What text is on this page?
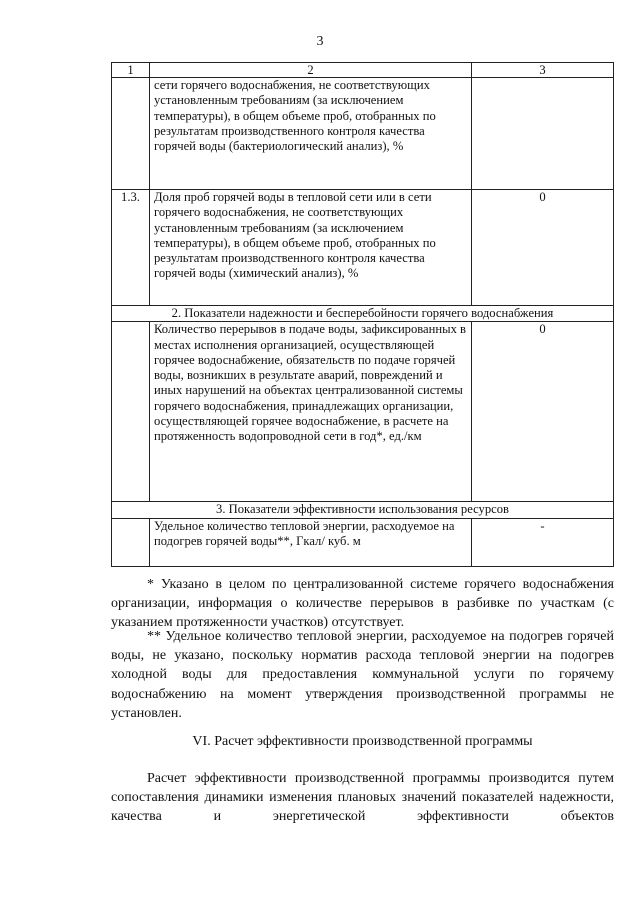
3
1	2	3
	сети горячего водоснабжения, не соответствующих установленным требованиям (за исключением температуры), в общем объеме проб, отобранных по результатам производственного контроля качества горячей воды (бактериологический анализ), %	
1.3.	Доля проб горячей воды в тепловой сети или в сети горячего водоснабжения, не соответствующих установленным требованиям (за исключением температуры), в общем объеме проб, отобранных по результатам производственного контроля качества горячей воды (химический анализ), %	0
2. Показатели надежности и бесперебойности горячего водоснабжения		
	Количество перерывов в подаче воды, зафиксированных в местах исполнения организацией, осуществляющей горячее водоснабжение, обязательств по подаче горячей воды, возникших в результате аварий, повреждений и иных нарушений на объектах централизованной системы горячего водоснабжения, принадлежащих организации, осуществляющей горячее водоснабжение, в расчете на протяженность водопроводной сети в год*, ед./км	0
3. Показатели эффективности использования ресурсов		
	Удельное количество тепловой энергии, расходуемое на подогрев горячей воды**, Гкал/ куб. м	-

* Указано в целом по централизованной системе горячего водоснабжения организации, информация о количестве перерывов в разбивке по участкам (с указанием протяженности участков) отсутствует.

** Удельное количество тепловой энергии, расходуемое на подогрев горячей воды, не указано, поскольку норматив расхода тепловой энергии на подогрев холодной воды для предоставления коммунальной услуги по горячему водоснабжению на момент утверждения производственной программы не установлен.

VI. Расчет эффективности производственной программы

Расчет эффективности производственной программы производится путем сопоставления динамики изменения плановых значений показателей надежности, качества и энергетической эффективности объектов
